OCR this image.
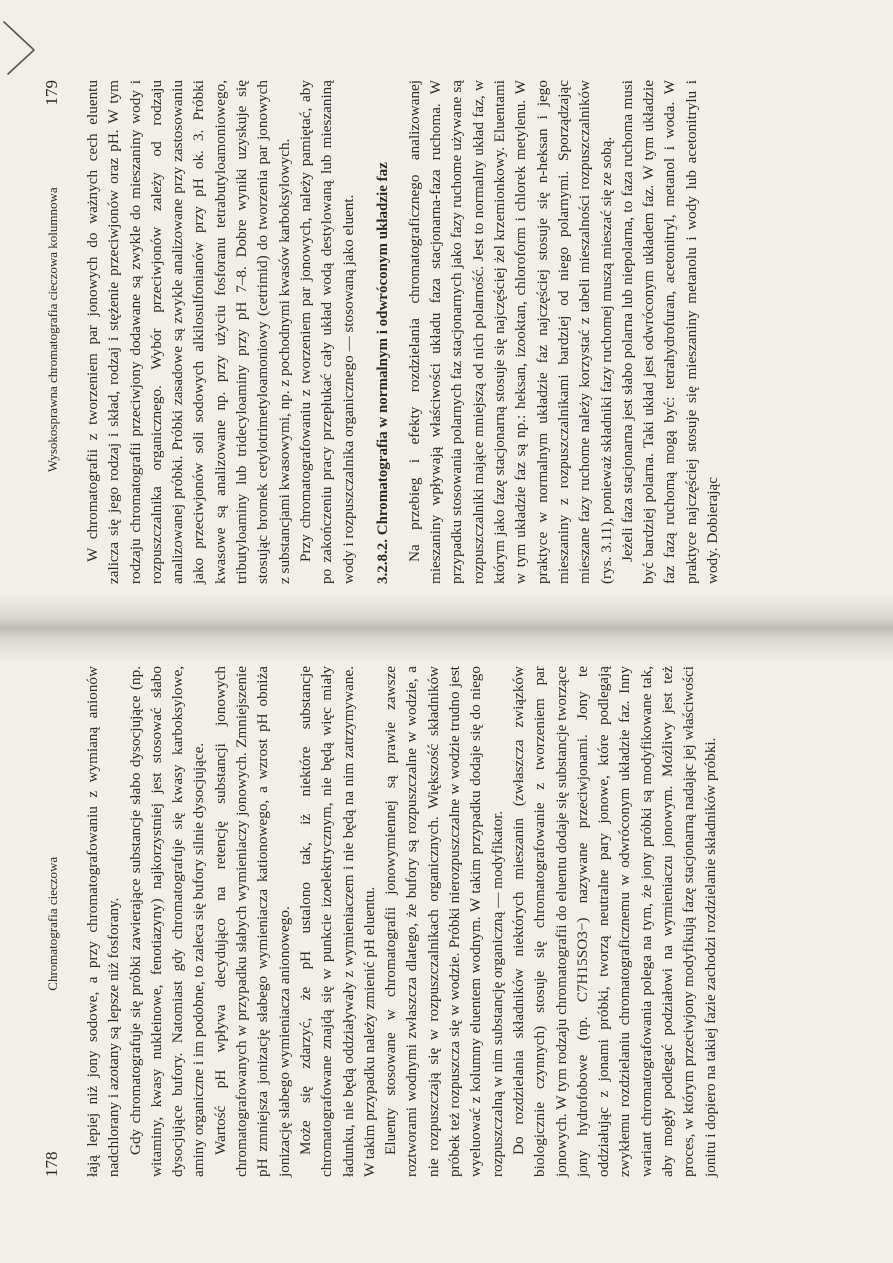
178
Chromatografia cieczowa łają lepiej niż jony sodowe, a przy chromatografowaniu z wymianą anionów nadchlorany i azotany są lepsze niż fosforany. Gdy chromatografuje się próbki zawierające substancje słabo dysocjujące (np. witaminy, kwasy nukleinowe, fenotiazyny) najkorzystniej jest stosować słabo dysocjujące bufory. Natomiast gdy chromatografuje się kwasy karboksylowe, aminy organiczne i im podobne, to zaleca się bufory silnie dysocjujące. Wartość pH wpływa decydująco na retencję substancji jonowych chromatografowanych w przypadku słabych wymieniaczy jonowych. Zmniejszenie pH zmniejsza jonizację słabego wymieniacza kationowego, a wzrost pH obniża jonizację słabego wymieniacza anionowego. Może się zdarzyć, że pH ustalono tak, iż niektóre substancje chromatografowane znajdą się w punkcie izoelektrycznym, nie będą więc miały ładunku, nie będą oddziaływały z wymieniaczem i nie będą na nim zatrzymywane. W takim przypadku należy zmienić pH eluentu. Eluenty stosowane w chromatografii jonowymiennej są prawie zawsze roztworami wodnymi zwłaszcza dlatego, że bufory są rozpuszczalne w wodzie, a nie rozpuszczają się w rozpuszczalnikach organicznych. Większość składników próbek też rozpuszcza się w wodzie. Próbki nierozpuszczalne w wodzie trudno jest wyeluować z kolumny eluentem wodnym. W takim przypadku dodaje się do niego rozpuszczalną w nim substancję organiczną — modyfikator. Do rozdzielania składników niektórych mieszanin (zwłaszcza związków biologicznie czynnych) stosuje się chromatografowanie z tworzeniem par jonowych. W tym rodzaju chromatografii do eluentu dodaje się substancje tworzące jony hydrofobowe (np. C7H15SO3−) nazywane przeciwjonami. Jony te oddziałując z jonami próbki, tworzą neutralne pary jonowe, które podlegają zwykłemu rozdzielaniu chromatograficznemu w odwróconym układzie faz. Inny wariant chromatografowania polega na tym, że jony próbki są modyfikowane tak, aby mogły podlegać podziałowi na wymieniaczu jonowym. Możliwy jest też proces, w którym przeciwjony modyfikują fazę stacjonarną nadając jej właściwości jonitu i dopiero na takiej fazie zachodzi rozdzielanie składników próbki.

Wysokosprawna chromatografia cieczowa kolumnowa
179 W chromatografii z tworzeniem par jonowych do ważnych cech eluentu zalicza się jego rodzaj i skład, rodzaj i stężenie przeciwjonów oraz pH. W tym rodzaju chromatografii przeciwjony dodawane są zwykle do mieszaniny wody i rozpuszczalnika organicznego. Wybór przeciwjonów zależy od rodzaju analizowanej próbki. Próbki zasadowe są zwykle analizowane przy zastosowaniu jako przeciwjonów soli sodowych alkilosulfonianów przy pH ok. 3. Próbki kwasowe są analizowane np. przy użyciu fosforanu tetrabutyloamoniowego, tributyloaminy lub tridecyloaminy przy pH 7–8. Dobre wyniki uzyskuje się stosując bromek cetylotrimetyloamoniowy (cetrimid) do tworzenia par jonowych z substancjami kwasowymi, np. z pochodnymi kwasów karboksylowych. Przy chromatografowaniu z tworzeniem par jonowych, należy pamiętać, aby po zakończeniu pracy przepłukać cały układ wodą destylowaną lub mieszaniną wody i rozpuszczalnika organicznego — stosowaną jako eluent. 3.2.8.2. Chromatografia w normalnym i odwróconym układzie faz Na przebieg i efekty rozdzielania chromatograficznego analizowanej mieszaniny wpływają właściwości układu faza stacjonarna-faza ruchoma. W przypadku stosowania polarnych faz stacjonarnych jako fazy ruchome używane są rozpuszczalniki mające mniejszą od nich polarność. Jest to normalny układ faz, w którym jako fazę stacjonarną stosuje się najczęściej żel krzemionkowy. Eluentami w tym układzie faz są np.: heksan, izooktan, chloroform i chlorek metylenu. W praktyce w normalnym układzie faz najczęściej stosuje się n-heksan i jego mieszaniny z rozpuszczalnikami bardziej od niego polarnymi. Sporządzając mieszane fazy ruchome należy korzystać z tabeli mieszalności rozpuszczalników (rys. 3.11), ponieważ składniki fazy ruchomej muszą mieszać się ze sobą. Jeżeli faza stacjonarna jest słabo polarna lub niepolarna, to faza ruchoma musi być bardziej polarna. Taki układ jest odwróconym układem faz. W tym układzie faz fazą ruchomą mogą być: tetrahydrofuran, acetonitryl, metanol i woda. W praktyce najczęściej stosuje się mieszaniny metanolu i wody lub acetonitrylu i wody. Dobierając
